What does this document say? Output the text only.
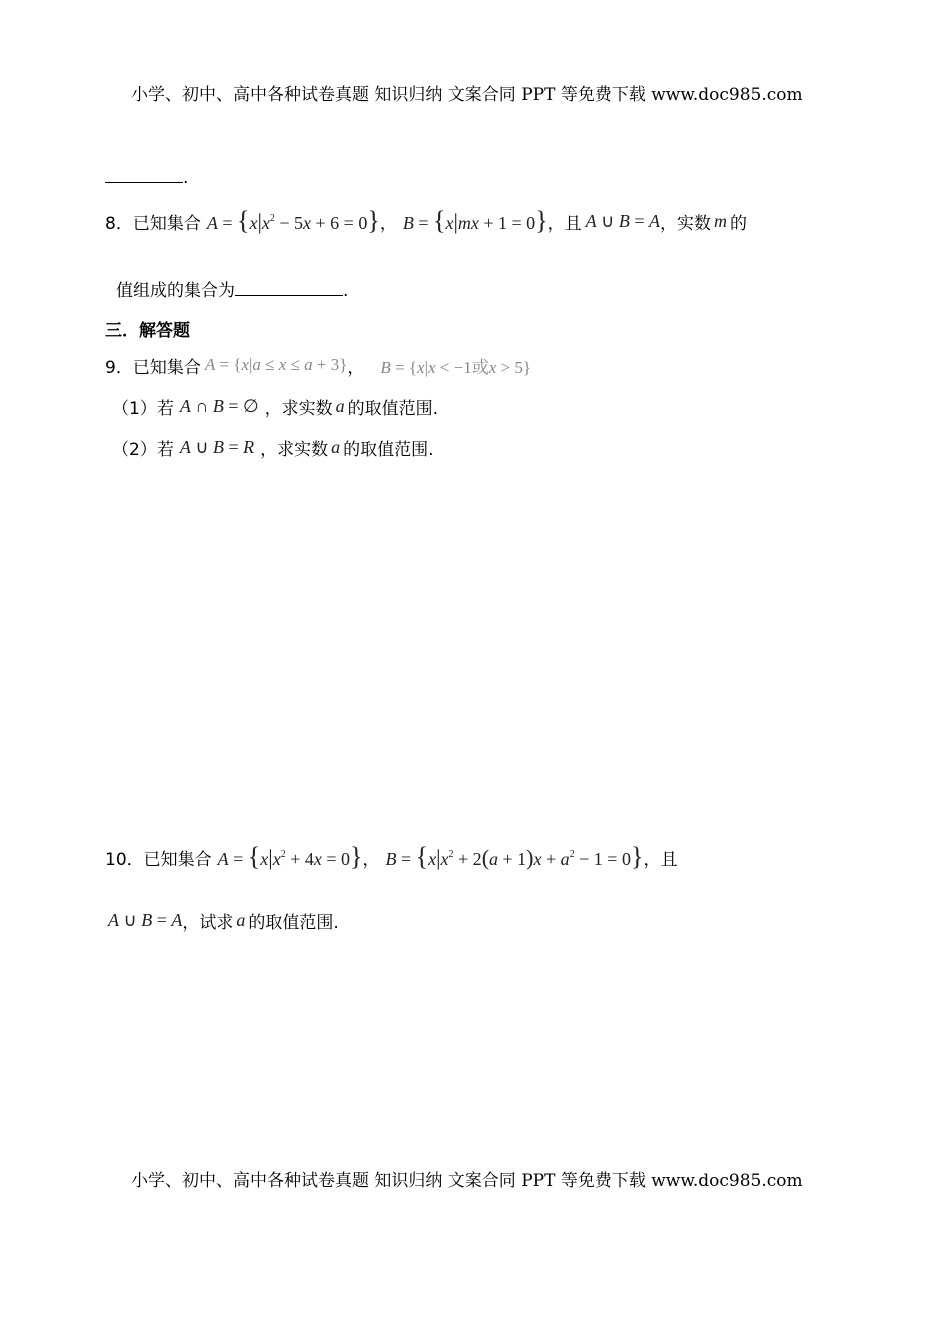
小学、初中、高中各种试卷真题 知识归纳 文案合同 PPT 等免费下载 www.doc985.com
.
8． 已知集合 $A = \{x|x^2 - 5x + 6 = 0\}$ ， B = {x|mx + 1 = 0} ，且 A ∪ B = A ，实数 m 的
值组成的集合为	.
三．解答题
9． 已知集合 A = {x|a ≤ x ≤ a + 3} ， B = {x|x < −1或x > 5}
（1）若 A ∩ B = ∅ ，求实数 a 的取值范围.
（2）若 A ∪ B = R ，求实数 a 的取值范围.
10． 已知集合 $A = \{x|x^2 + 4x = 0\}$ ， $B = \{x|x^2 + 2(a + 1)x + a^2 - 1 = 0\}$ ，且
A ∪ B = A ，试求 a 的取值范围.
小学、初中、高中各种试卷真题 知识归纳 文案合同 PPT 等免费下载 www.doc985.com
